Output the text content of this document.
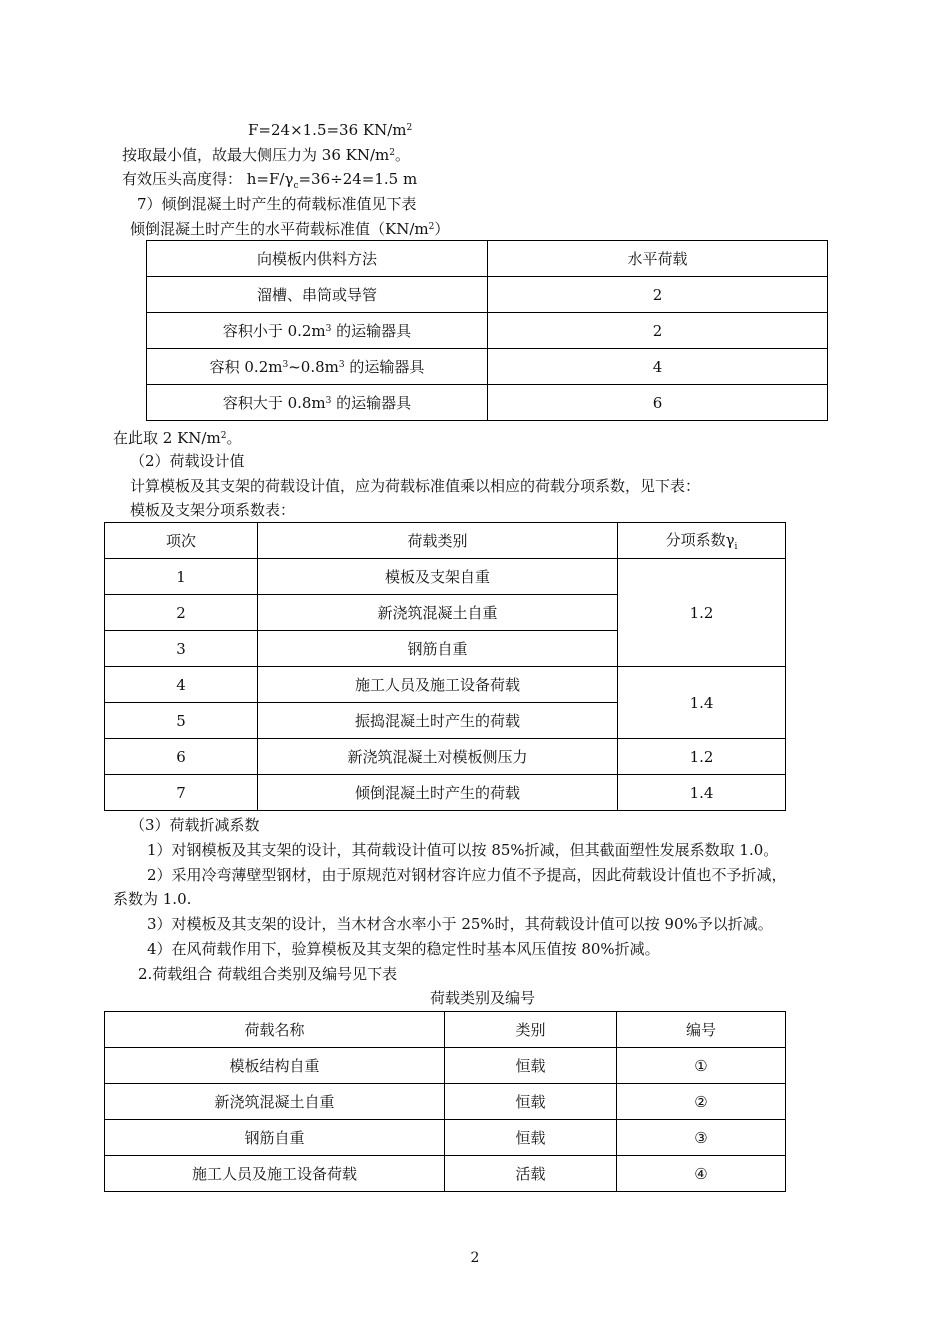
F=24×1.5=36 $KN/m^2$
按取最小值，故最大侧压力为 36 $KN/m^2$。
有效压头高度得： $h=F/\gamma_c=36\div 24=1.5$ m
7）倾倒混凝土时产生的荷载标准值见下表
倾倒混凝土时产生的水平荷载标准值$(KN/m^2)$
向模板内供料方法	水平荷载
溜槽、串筒或导管	2
容积小于 $0.2m^3$ 的运输器具	2
容积 $0.2m^3\sim 0.8m^3$ 的运输器具	4
容积大于 $0.8m^3$ 的运输器具	6
在此取 2 $KN/m^2$。
（2）荷载设计值
计算模板及其支架的荷载设计值，应为荷载标准值乘以相应的荷载分项系数，见下表：
模板及支架分项系数表：
项次	荷载类别	分项系数$\gamma_i$
1	模板及支架自重	1.2
2	新浇筑混凝土自重	
3	钢筋自重	
4	施工人员及施工设备荷载	1.4
5	振捣混凝土时产生的荷载	
6	新浇筑混凝土对模板侧压力	1.2
7	倾倒混凝土时产生的荷载	1.4
（3）荷载折减系数
1）对钢模板及其支架的设计，其荷载设计值可以按 85%折减，但其截面塑性发展系数取 1.0。
2）采用冷弯薄壁型钢材，由于原规范对钢材容许应力值不予提高，因此荷载设计值也不予折减，
系数为 1.0.
3）对模板及其支架的设计，当木材含水率小于 25%时，其荷载设计值可以按 90%予以折减。
4）在风荷载作用下，验算模板及其支架的稳定性时基本风压值按 80%折减。
2.荷载组合 荷载组合类别及编号见下表
荷载类别及编号
荷载名称	类别	编号
模板结构自重	恒载	①
新浇筑混凝土自重	恒载	②
钢筋自重	恒载	③
施工人员及施工设备荷载	活载	④
2
